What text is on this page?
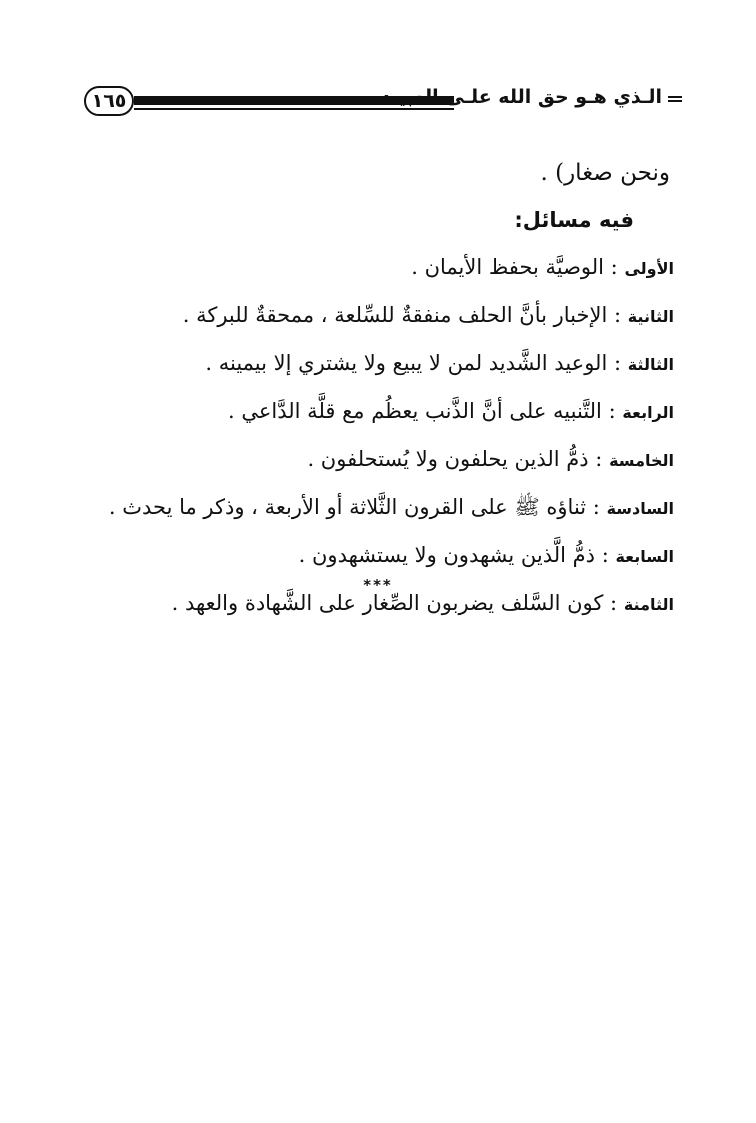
١٦٥	الـذي هـو حق الله علـى العبيـد

ونحن صغار) .

فيه مسائل:

الأولى : الوصيَّة بحفظ الأيمان .

الثانية : الإخبار بأنَّ الحلف منفقةٌ للسِّلعة ، ممحقةٌ للبركة .

الثالثة : الوعيد الشَّديد لمن لا يبيع ولا يشتري إلا بيمينه .

الرابعة : التَّنبيه على أنَّ الذَّنب يعظُم مع قلَّة الدَّاعي .

الخامسة : ذمُّ الذين يحلفون ولا يُستحلفون .

السادسة : ثناؤه ﷺ على القرون الثَّلاثة أو الأربعة ، وذكر ما يحدث .

السابعة : ذمُّ الَّذين يشهدون ولا يستشهدون .

الثامنة : كون السَّلف يضربون الصِّغار على الشَّهادة والعهد .

***
